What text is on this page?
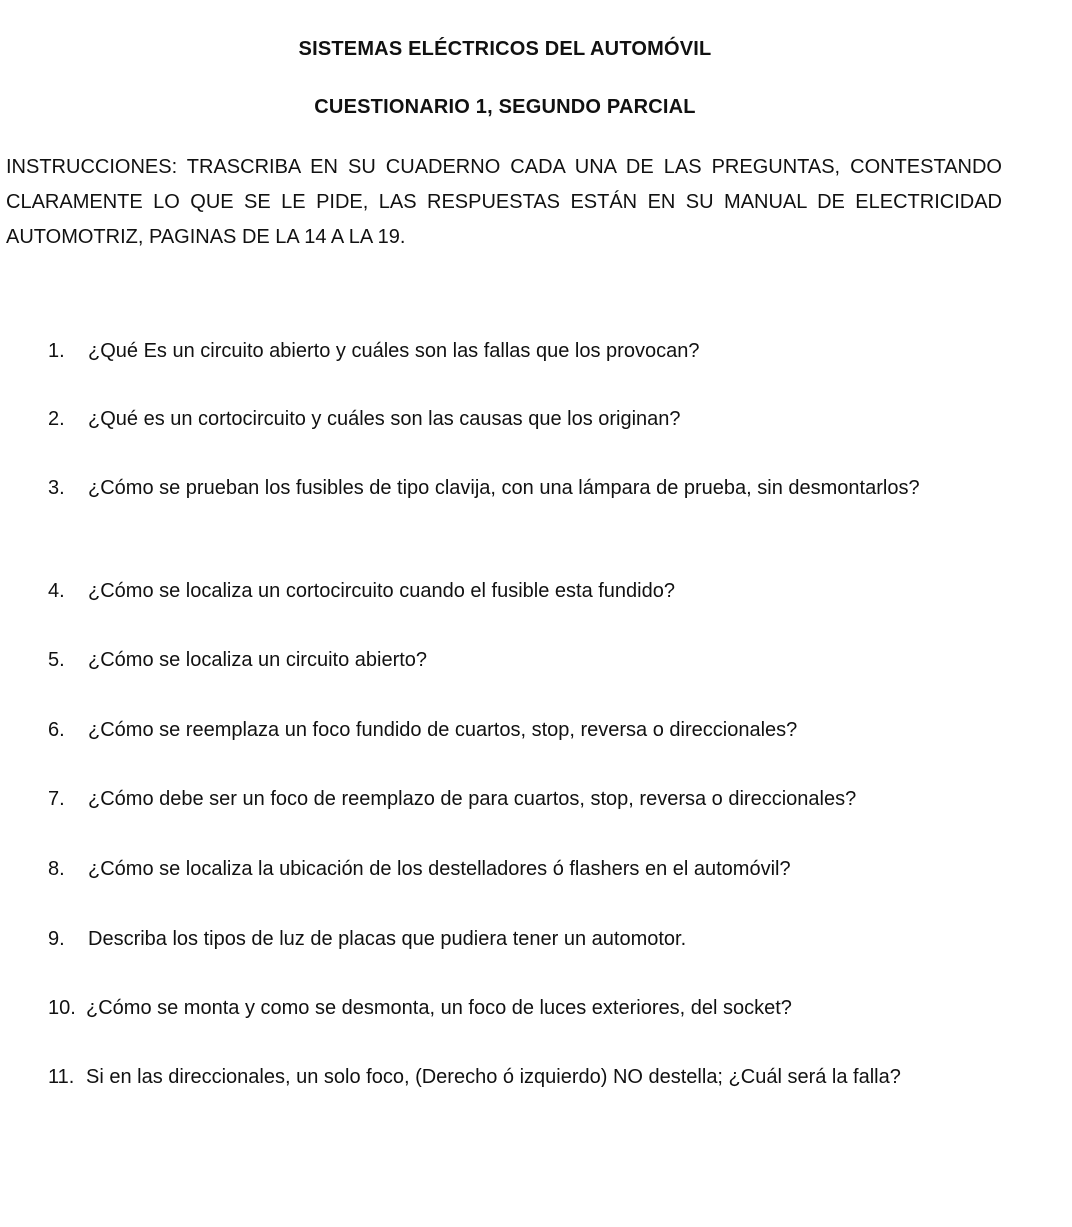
SISTEMAS ELÉCTRICOS DEL AUTOMÓVIL
CUESTIONARIO 1, SEGUNDO PARCIAL
INSTRUCCIONES: TRASCRIBA EN SU CUADERNO CADA UNA DE LAS PREGUNTAS, CONTESTANDO CLARAMENTE LO QUE SE LE PIDE, LAS RESPUESTAS ESTÁN EN SU MANUAL DE ELECTRICIDAD AUTOMOTRIZ, PAGINAS DE LA 14 A LA 19.
1.	¿Qué Es un circuito abierto y cuáles son las fallas que los provocan?
2.	¿Qué es un cortocircuito y cuáles son las causas que los originan?
3.	¿Cómo se prueban los fusibles de tipo clavija, con una lámpara de prueba, sin desmontarlos?
4.	¿Cómo se localiza un cortocircuito cuando el fusible esta fundido?
5.	¿Cómo se localiza un circuito abierto?
6.	¿Cómo se reemplaza un foco fundido de cuartos, stop, reversa o direccionales?
7.	¿Cómo debe ser un foco de reemplazo de para cuartos, stop, reversa o direccionales?
8.	¿Cómo se localiza la ubicación de los destelladores ó flashers en el automóvil?
9.	Describa los tipos de luz de placas que pudiera tener un automotor.
10. ¿Cómo se monta y como se desmonta, un foco de luces exteriores, del socket?
11. Si en las direccionales, un solo foco, (Derecho ó izquierdo) NO destella; ¿Cuál será la falla?
